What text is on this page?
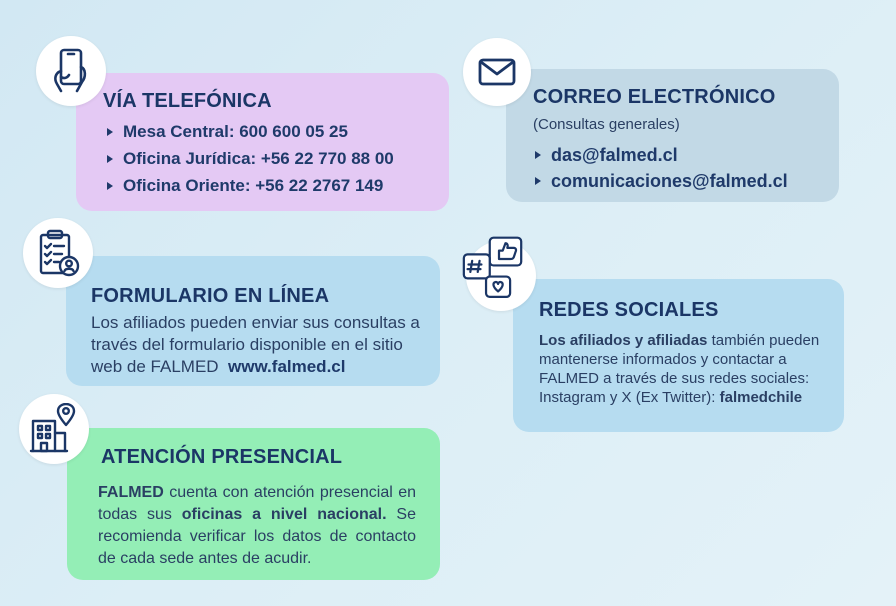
VÍA TELEFÓNICA
Mesa Central: 600 600 05 25
Oficina Jurídica: +56 22 770 88 00
Oficina Oriente: +56 22 2767 149
CORREO ELECTRÓNICO
(Consultas generales)
das@falmed.cl
comunicaciones@falmed.cl
FORMULARIO EN LÍNEA
Los afiliados pueden enviar sus consultas a través del formulario disponible en el sitio web de FALMED www.falmed.cl
REDES SOCIALES
Los afiliados y afiliadas también pueden mantenerse informados y contactar a FALMED a través de sus redes sociales: Instagram y X (Ex Twitter): falmedchile
ATENCIÓN PRESENCIAL
FALMED cuenta con atención presencial en todas sus oficinas a nivel nacional. Se recomienda verificar los datos de contacto de cada sede antes de acudir.
